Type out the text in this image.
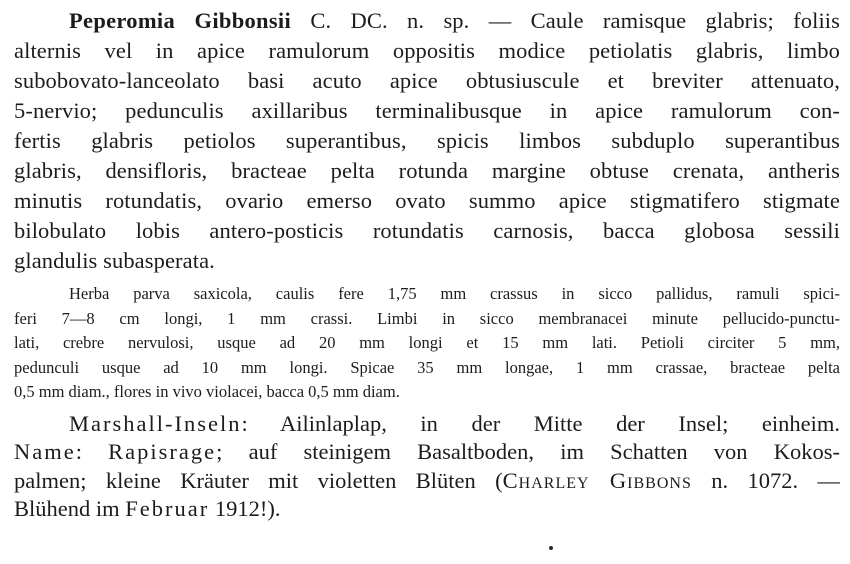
Peperomia Gibbonsii C. DC. n. sp. — Caule ramisque glabris; foliis
alternis vel in apice ramulorum oppositis modice petiolatis glabris, limbo
subobovato-lanceolato basi acuto apice obtusiuscule et breviter attenuato,
5-nervio; pedunculis axillaribus terminalibusque in apice ramulorum con-
fertis glabris petiolos superantibus, spicis limbos subduplo superantibus
glabris, densifloris, bracteae pelta rotunda margine obtuse crenata, antheris
minutis rotundatis, ovario emerso ovato summo apice stigmatifero stigmate
bilobulato lobis antero-posticis rotundatis carnosis, bacca globosa sessili
glandulis subasperata.
Herba parva saxicola, caulis fere 1,75 mm crassus in sicco pallidus, ramuli spici-
feri 7—8 cm longi, 1 mm crassi. Limbi in sicco membranacei minute pellucido-punctu-
lati, crebre nervulosi, usque ad 20 mm longi et 15 mm lati. Petioli circiter 5 mm,
pedunculi usque ad 10 mm longi. Spicae 35 mm longae, 1 mm crassae, bracteae pelta
0,5 mm diam., flores in vivo violacei, bacca 0,5 mm diam.
Marshall-Inseln: Ailinlaplap, in der Mitte der Insel; einheim.
Name: Rapisrage; auf steinigem Basaltboden, im Schatten von Kokos-
palmen; kleine Kräuter mit violetten Blüten (Charley Gibbons n. 1072. —
Blühend im Februar 1912!).
